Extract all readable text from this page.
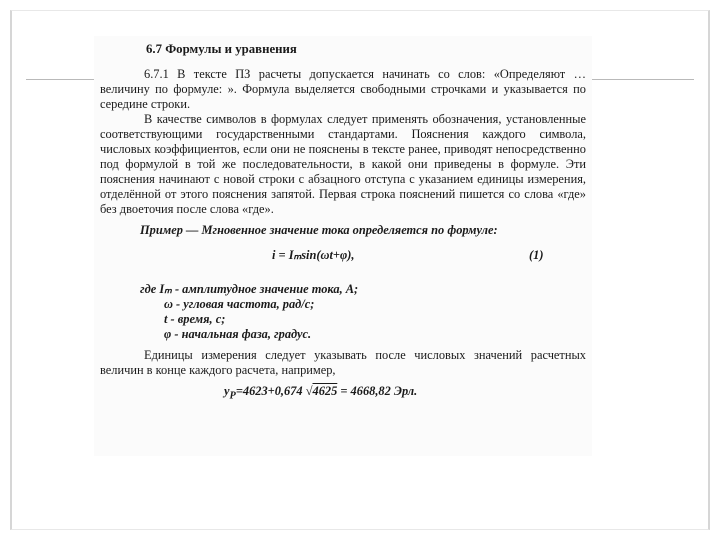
6.7 Формулы и уравнения

6.7.1 В тексте ПЗ расчеты допускается начинать со слов: «Определяют … величину по формуле: ». Формула выделяется свободными строчками и указывается по середине строки.

В качестве символов в формулах следует применять обозначения, установленные соответствующими государственными стандартами. Пояснения каждого символа, числовых коэффициентов, если они не пояснены в тексте ранее, приводят непосредственно под формулой в той же последовательности, в какой они приведены в формуле. Эти пояснения начинают с новой строки с абзацного отступа с указанием единицы измерения, отделённой от этого пояснения запятой. Первая строка пояснений пишется со слова «где» без двоеточия после слова «где».

Пример — Мгновенное значение тока определяется по формуле:
i = Iₘsin(ωt+φ),	(1)
где Iₘ - амплитудное значение тока, А;
ω - угловая частота, рад/с;
t - время, с;
φ - начальная фаза, градус.

Единицы измерения следует указывать после числовых значений расчетных величин в конце каждого расчета, например,

$y_P=4623+0,674$ √4625 = 4668,82 Эрл.
